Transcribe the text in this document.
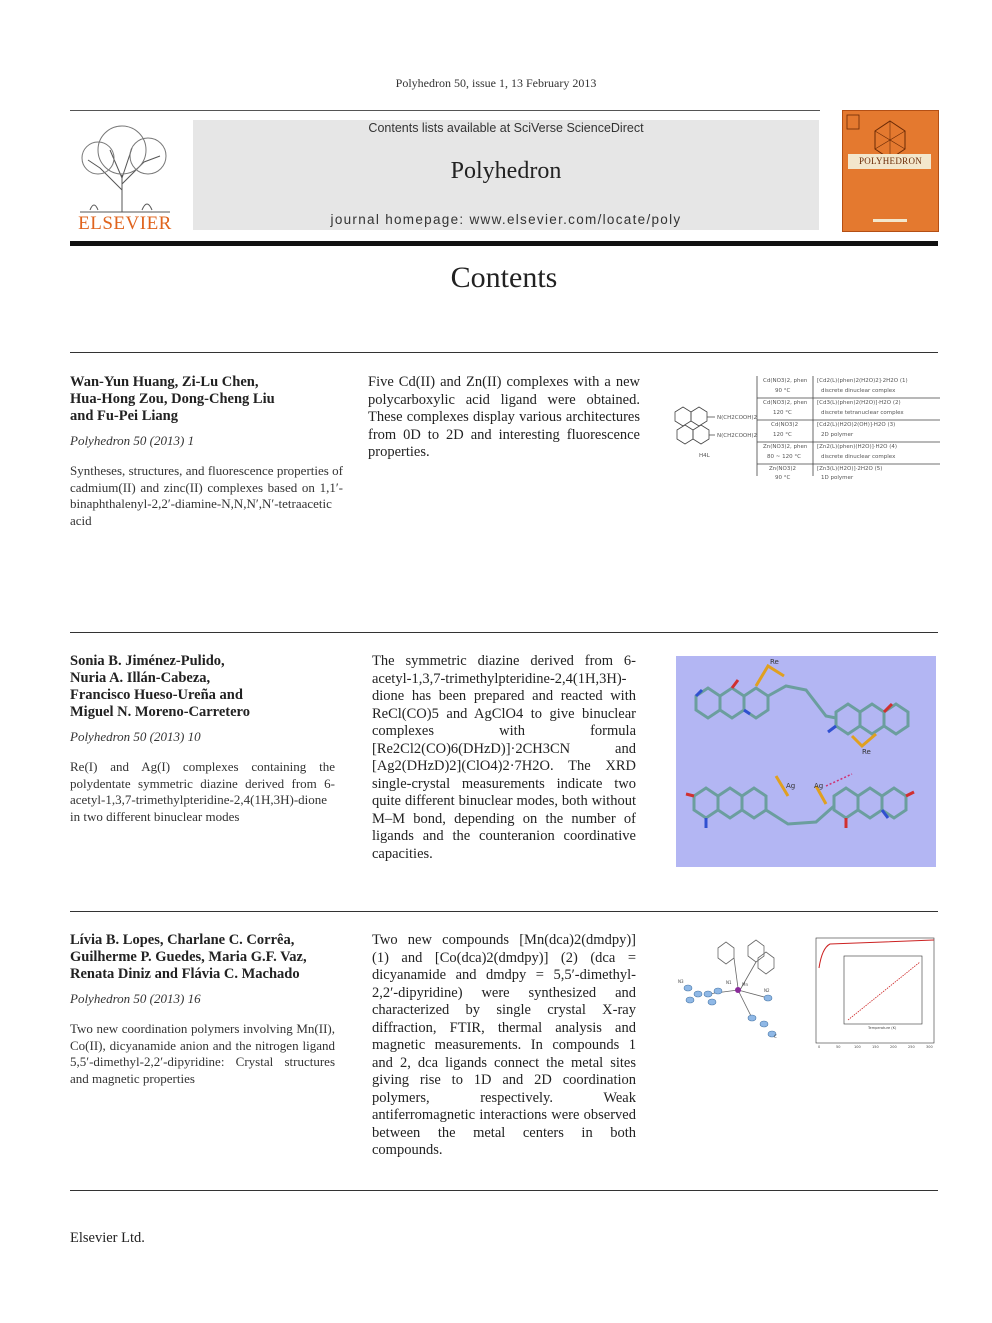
Polyhedron 50, issue 1, 13 February 2013
ELSEVIER
Contents lists available at SciVerse ScienceDirect
Polyhedron
journal homepage: www.elsevier.com/locate/poly
POLYHEDRON
Contents
Wan-Yun Huang, Zi-Lu Chen,
Hua-Hong Zou, Dong-Cheng Liu
and Fu-Pei Liang
Polyhedron 50 (2013) 1
Syntheses, structures, and fluorescence properties of cadmium(II) and zinc(II) complexes based on 1,1′-binaphthalenyl-2,2′-diamine-N,N,N′,N′-tetraacetic acid
Five Cd(II) and Zn(II) complexes with a new polycarboxylic acid ligand were obtained. These complexes display various architectures from 0D to 2D and interesting fluorescence properties.
N(CH2COOH)2
N(CH2COOH)2
H4L
Cd(NO3)2, phen [Cd2(L)(phen)2(H2O)2]·2H2O (1)
90 °C	discrete dinuclear complex
Cd(NO3)2, phen [Cd3(L)(phen)2(H2O)]·H2O (2)
120 °C	discrete tetranuclear complex
Cd(NO3)2	[Cd2(L)(H2O)2(OH)]·H2O (3)
120 °C	2D polymer
Zn(NO3)2, phen [Zn2(L)(phen)(H2O)]·H2O (4)
80 ~ 120 °C	discrete dinuclear complex
Zn(NO3)2	[Zn3(L)(H2O)]·2H2O (5)
90 °C	1D polymer
Sonia B. Jiménez-Pulido,
Nuria A. Illán-Cabeza,
Francisco Hueso-Ureña and
Miguel N. Moreno-Carretero
Polyhedron 50 (2013) 10
Re(I) and Ag(I) complexes containing the polydentate symmetric diazine derived from 6-acetyl-1,3,7-trimethylpteridine-2,4(1H,3H)-dione in two different binuclear modes
The symmetric diazine derived from 6-acetyl-1,3,7-trimethylpteridine-2,4(1H,3H)-dione has been prepared and reacted with ReCl(CO)5 and AgClO4 to give binuclear complexes with formula [Re2Cl2(CO)6(DHzD)]·2CH3CN and [Ag2(DHzD)2](ClO4)2·7H2O. The XRD single-crystal measurements indicate two quite different binuclear modes, both without M–M bond, depending on the number of ligands and the counteranion coordinative capacities.
Re
Re
Ag	Ag
Lívia B. Lopes, Charlane C. Corrêa,
Guilherme P. Guedes, Maria G.F. Vaz,
Renata Diniz and Flávia C. Machado
Polyhedron 50 (2013) 16
Two new coordination polymers involving Mn(II), Co(II), dicyanamide anion and the nitrogen ligand 5,5′-dimethyl-2,2′-dipyridine: Crystal structures and magnetic properties
Two new compounds [Mn(dca)2(dmdpy)] (1) and [Co(dca)2(dmdpy)] (2) (dca = dicyanamide and dmdpy = 5,5′-dimethyl-2,2′-dipyridine) were synthesized and characterized by single crystal X-ray diffraction, FTIR, thermal analysis and magnetic measurements. In compounds 1 and 2, dca ligands connect the metal sites giving rise to 1D and 2D coordination polymers, respectively. Weak antiferromagnetic interactions were observed between the metal centers in both compounds.
N3	N1	Mn
N2
C
0	50	100	150	200	250	300
Temperature (K)
Elsevier Ltd.
